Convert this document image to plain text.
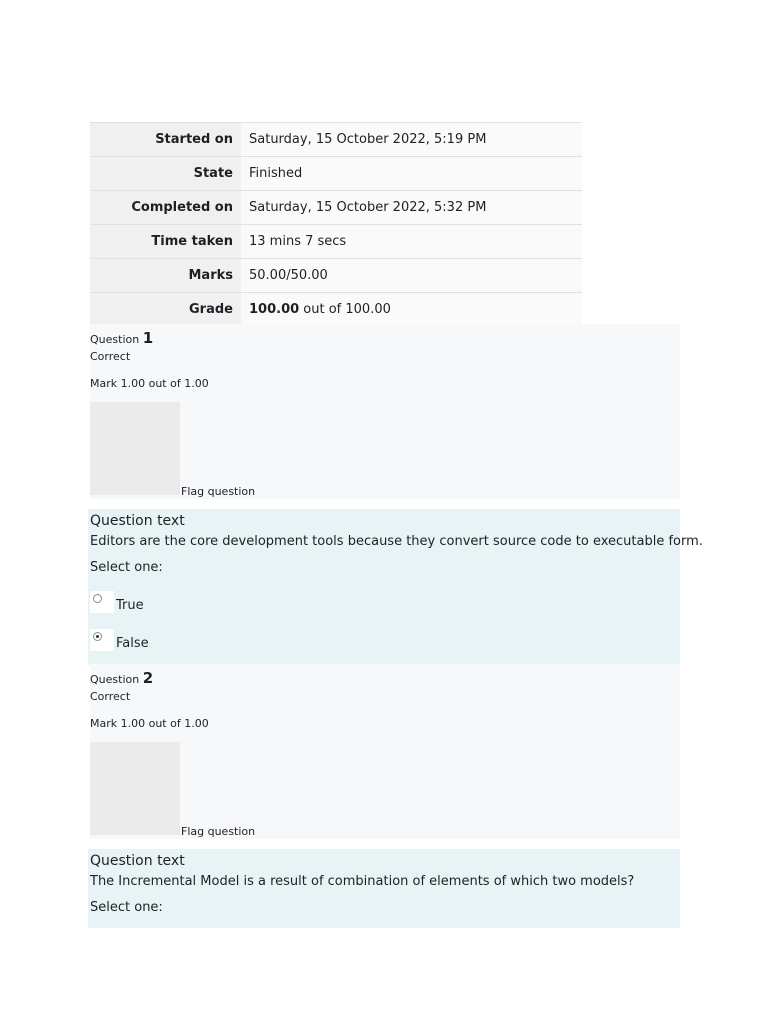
Started on	Saturday, 15 October 2022, 5:19 PM
State	Finished
Completed on	Saturday, 15 October 2022, 5:32 PM
Time taken	13 mins 7 secs
Marks	50.00/50.00
Grade	100.00 out of 100.00
Question 1
Correct
Mark 1.00 out of 1.00
Flag question
Question text
Editors are the core development tools because they convert source code to executable form.
Select one:
True
False
Question 2
Correct
Mark 1.00 out of 1.00
Flag question
Question text
The Incremental Model is a result of combination of elements of which two models?
Select one:
